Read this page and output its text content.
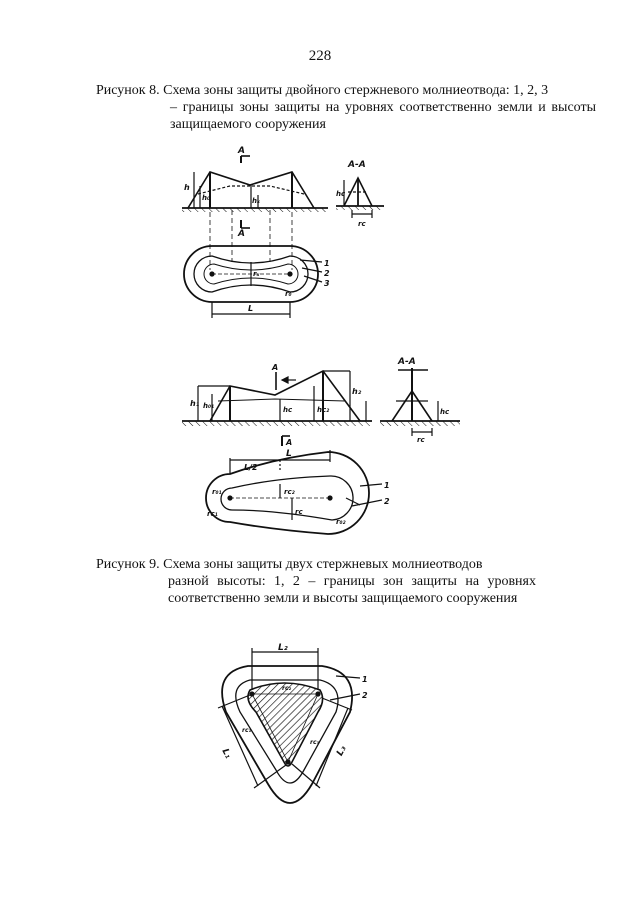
228
Рисунок 8. Схема зоны защиты двойного стержневого молниеотвода: 1, 2, 3
– границы зоны защиты на уровнях соответственно земли и высоты защищаемого сооружения
Рисунок 9. Схема зоны защиты двух стержневых молниеотводов
разной высоты: 1, 2 – границы зон защиты на уровнях соответственно земли и высоты защищаемого сооружения
А
А
А-А
h
h₀	hₓ
hc
rc
rₓ
r₀
L
1
2
3
A
A
A-A
h₁ h₀₁	hc	hc₂
h₂
hc
rc
L
L/2
r₀₁
rc₁
rc₂
rc
r₀₂
1
2
L₂
L₁	L₃
rc₂
rc₁
rc₃
1
2
